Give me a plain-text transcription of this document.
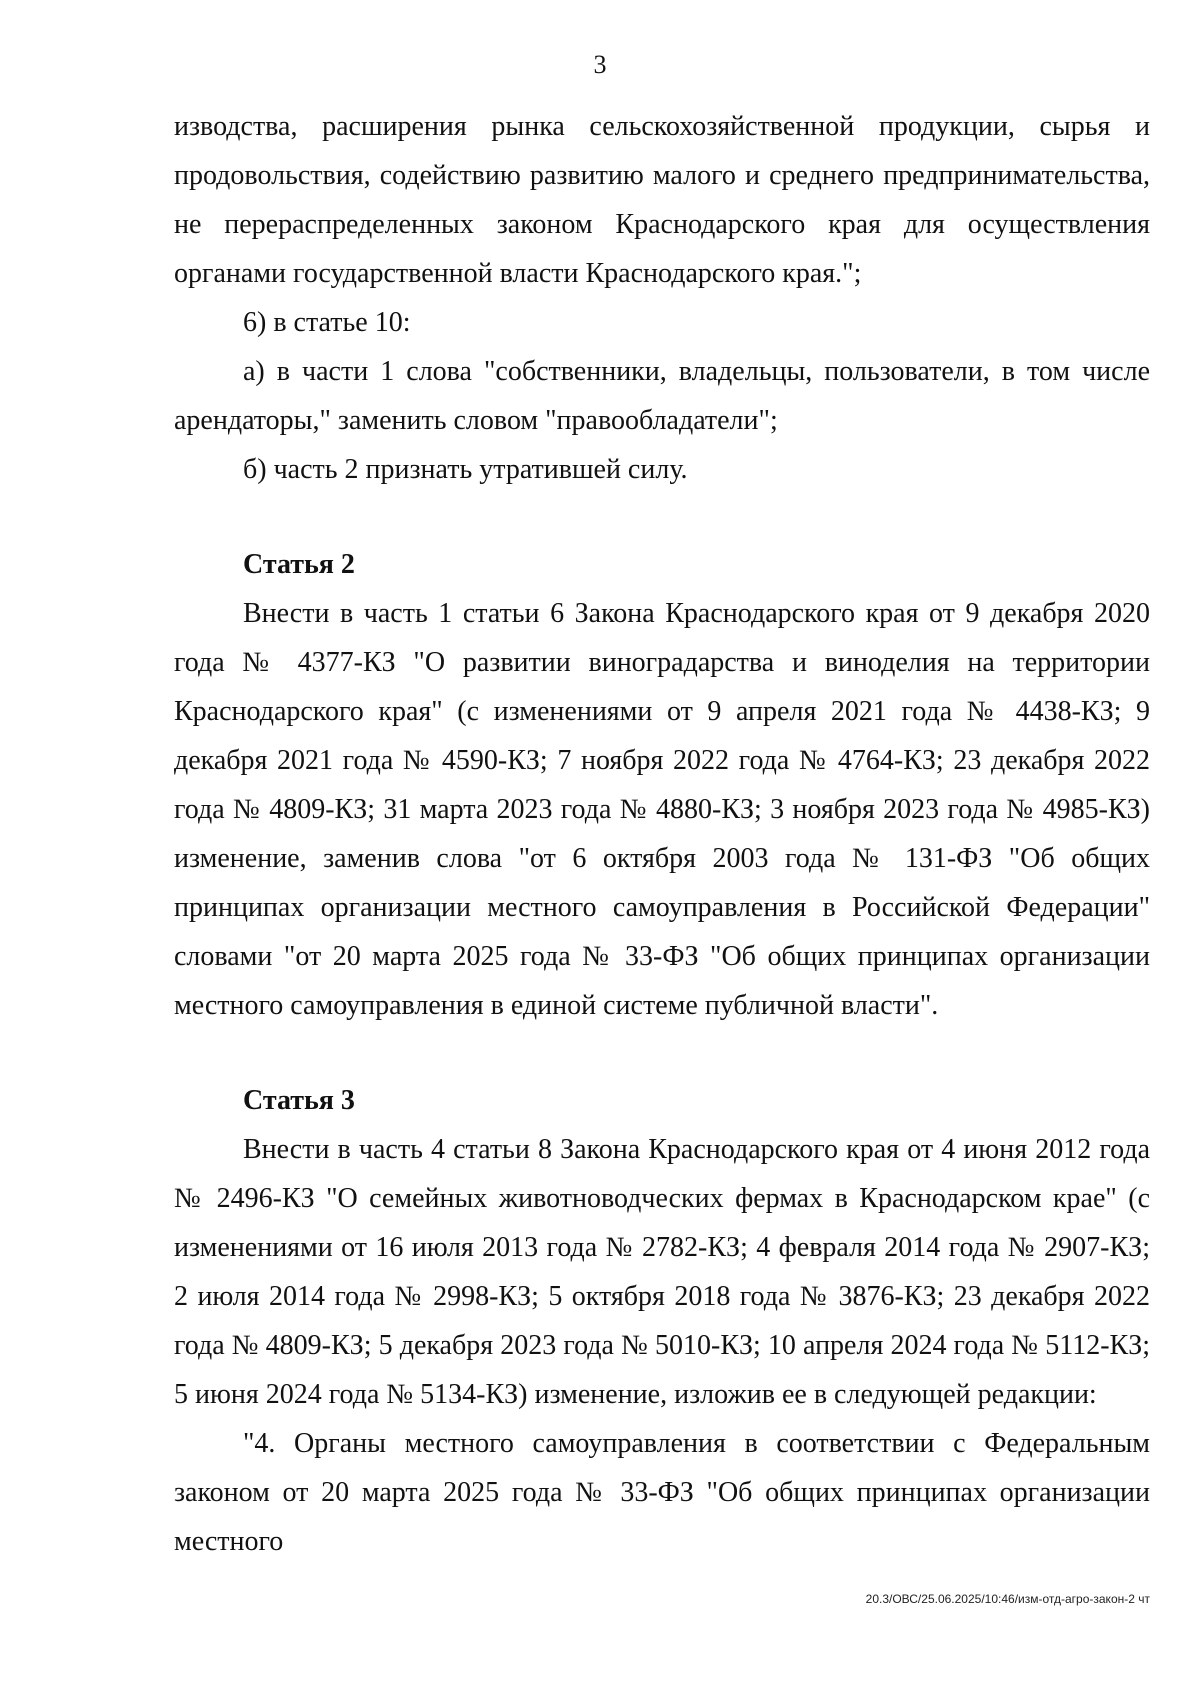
3

изводства, расширения рынка сельскохозяйственной продукции, сырья и продовольствия, содействию развитию малого и среднего предпринимательства, не перераспределенных законом Краснодарского края для осуществления органами государственной власти Краснодарского края.";

6) в статье 10:

а) в части 1 слова "собственники, владельцы, пользователи, в том числе арендаторы," заменить словом "правообладатели";

б) часть 2 признать утратившей силу.

Статья 2

Внести в часть 1 статьи 6 Закона Краснодарского края от 9 декабря 2020 года № 4377-КЗ "О развитии виноградарства и виноделия на территории Краснодарского края" (с изменениями от 9 апреля 2021 года № 4438-КЗ; 9 декабря 2021 года № 4590-КЗ; 7 ноября 2022 года № 4764-КЗ; 23 декабря 2022 года № 4809-КЗ; 31 марта 2023 года № 4880-КЗ; 3 ноября 2023 года № 4985-КЗ) изменение, заменив слова "от 6 октября 2003 года № 131-ФЗ "Об общих принципах организации местного самоуправления в Российской Федерации" словами "от 20 марта 2025 года № 33-ФЗ "Об общих принципах организации местного самоуправления в единой системе публичной власти".

Статья 3

Внести в часть 4 статьи 8 Закона Краснодарского края от 4 июня 2012 года № 2496-КЗ "О семейных животноводческих фермах в Краснодарском крае" (с изменениями от 16 июля 2013 года № 2782-КЗ; 4 февраля 2014 года № 2907-КЗ; 2 июля 2014 года № 2998-КЗ; 5 октября 2018 года № 3876-КЗ; 23 декабря 2022 года № 4809-КЗ; 5 декабря 2023 года № 5010-КЗ; 10 апреля 2024 года № 5112-КЗ; 5 июня 2024 года № 5134-КЗ) изменение, изложив ее в следующей редакции:

"4. Органы местного самоуправления в соответствии с Федеральным законом от 20 марта 2025 года № 33-ФЗ "Об общих принципах организации местного

20.3/ОВС/25.06.2025/10:46/изм-отд-агро-закон-2 чт
